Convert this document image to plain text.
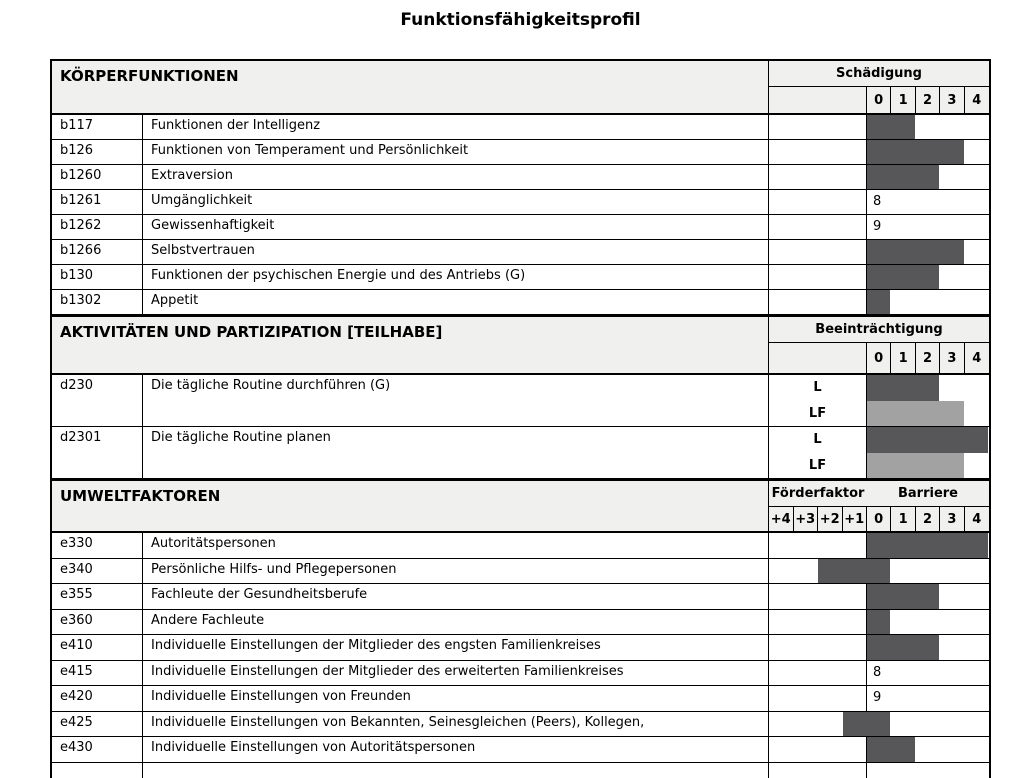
Funktionsfähigkeitsprofil
KÖRPERFUNKTIONEN	Schädigung
0	1	2	3	4
b117	Funktionen der Intelligenz
b126	Funktionen von Temperament und Persönlichkeit
b1260	Extraversion
b1261	Umgänglichkeit	8
b1262	Gewissenhaftigkeit	9
b1266	Selbstvertrauen
b130	Funktionen der psychischen Energie und des Antriebs (G)
b1302	Appetit
AKTIVITÄTEN UND PARTIZIPATION [TEILHABE]	Beeinträchtigung
0	1	2	3	4
d230	Die tägliche Routine durchführen (G)	L
LF
d2301	Die tägliche Routine planen	L
LF
UMWELTFAKTOREN	Förderfaktor	Barriere
+4 +3 +2 +1 0	1	2	3	4
e330	Autoritätspersonen
e340	Persönliche Hilfs- und Pflegepersonen
e355	Fachleute der Gesundheitsberufe
e360	Andere Fachleute
e410	Individuelle Einstellungen der Mitglieder des engsten Familienkreises
e415	Individuelle Einstellungen der Mitglieder des erweiterten Familienkreises	8
e420	Individuelle Einstellungen von Freunden	9
e425	Individuelle Einstellungen von Bekannten, Seinesgleichen (Peers), Kollegen,
e430	Individuelle Einstellungen von Autoritätspersonen
